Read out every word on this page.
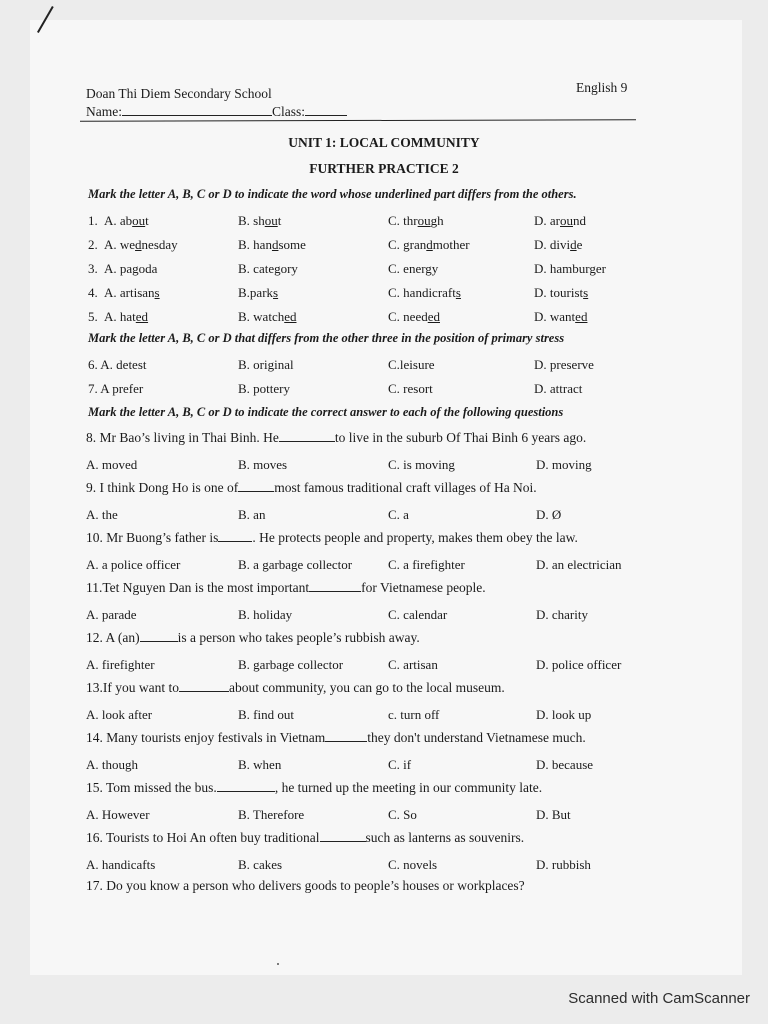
Doan Thi Diem Secondary School	English 9
Name:	Class:
UNIT 1: LOCAL COMMUNITY
FURTHER PRACTICE 2
Mark the letter A, B, C or D to indicate the word whose underlined part differs from the others.
1. A. about	B. shout	C. through	D. around
2. A. wednesday	B. handsome	C. grandmother	D. divide
3. A. pagoda	B. category	C. energy	D. hamburger
4. A. artisans	B.parks	C. handicrafts	D. tourists
5. A. hated	B. watched	C. needed	D. wanted
Mark the letter A, B, C or D that differs from the other three in the position of primary stress
6. A. detest	B. original	C.leisure	D. preserve
7. A prefer	B. pottery	C. resort	D. attract
Mark the letter A, B, C or D to indicate the correct answer to each of the following questions
8. Mr Bao’s living in Thai Binh. He	to live in the suburb Of Thai Binh 6 years ago.
A. moved	B. moves	C. is moving	D. moving
9. I think Dong Ho is one of	most famous traditional craft villages of Ha Noi.
A. the	B. an	C. a	D. Ø
10. Mr Buong’s father is	. He protects people and property, makes them obey the law.
A. a police officer	B. a garbage collector	C. a firefighter	D. an electrician
11.Tet Nguyen Dan is the most important	for Vietnamese people.
A. parade	B. holiday	C. calendar	D. charity
12. A (an)	is a person who takes people’s rubbish away.
A. firefighter	B. garbage collector	C. artisan	D. police officer
13.If you want to	about community, you can go to the local museum.
A. look after	B. find out	c. turn off	D. look up
14. Many tourists enjoy festivals in Vietnam	they don't understand Vietnamese much.
A. though	B. when	C. if	D. because
15. Tom missed the bus.	, he turned up the meeting in our community late.
A. However	B. Therefore	C. So	D. But
16. Tourists to Hoi An often buy traditional	such as lanterns as souvenirs.
A. handicafts	B. cakes	C. novels	D. rubbish
17. Do you know a person who delivers goods to people’s houses or workplaces?
Scanned with CamScanner
